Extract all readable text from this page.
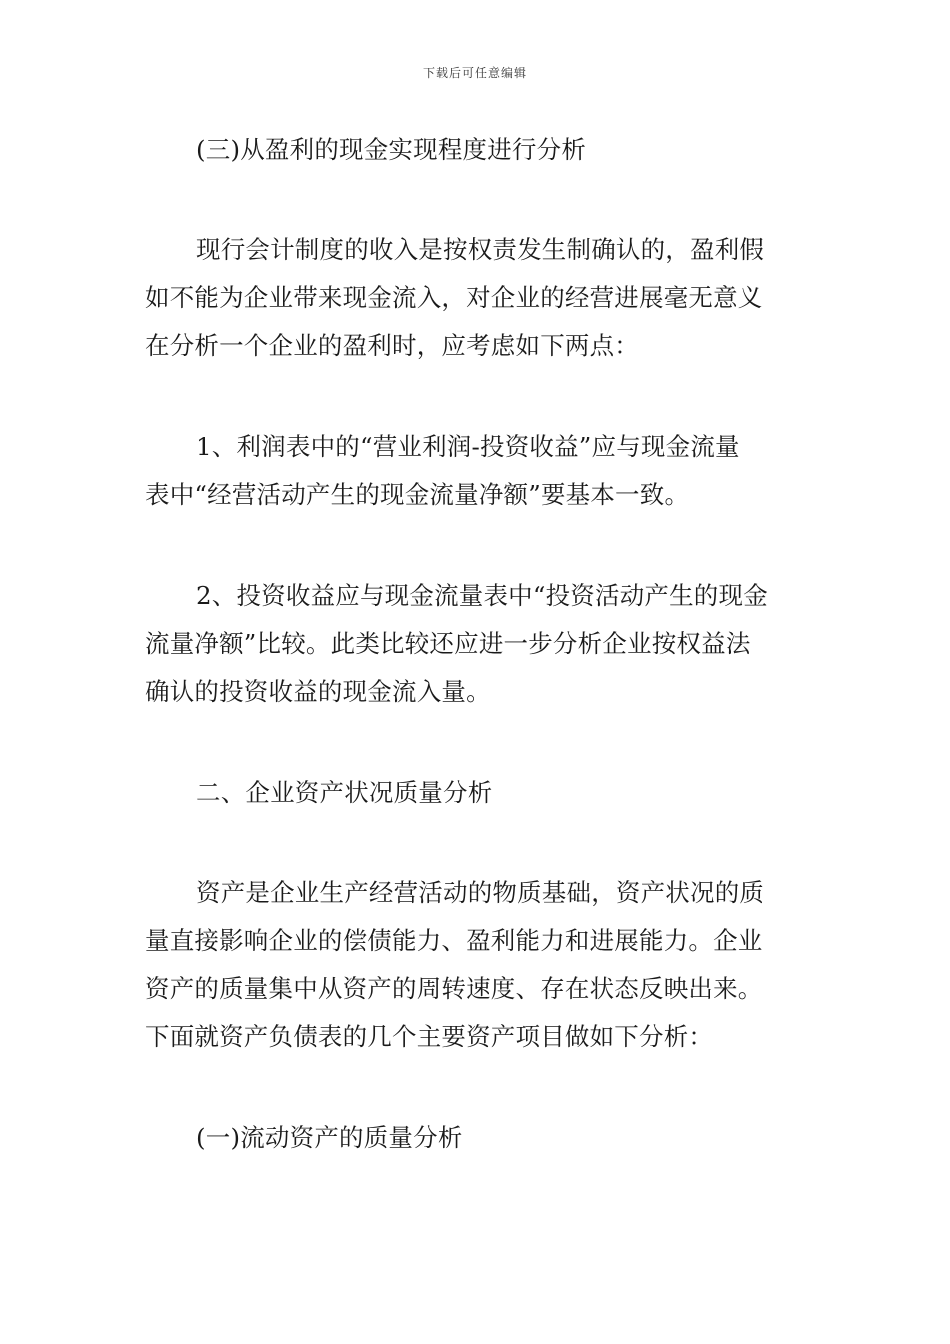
下载后可任意编辑
(三)从盈利的现金实现程度进行分析
现行会计制度的收入是按权责发生制确认的，盈利假
如不能为企业带来现金流入，对企业的经营进展毫无意义
在分析一个企业的盈利时，应考虑如下两点：
1、利润表中的“营业利润-投资收益”应与现金流量
表中“经营活动产生的现金流量净额”要基本一致。
2、投资收益应与现金流量表中“投资活动产生的现金
流量净额”比较。此类比较还应进一步分析企业按权益法
确认的投资收益的现金流入量。
二、企业资产状况质量分析
资产是企业生产经营活动的物质基础，资产状况的质
量直接影响企业的偿债能力、盈利能力和进展能力。企业
资产的质量集中从资产的周转速度、存在状态反映出来。
下面就资产负债表的几个主要资产项目做如下分析：
(一)流动资产的质量分析
